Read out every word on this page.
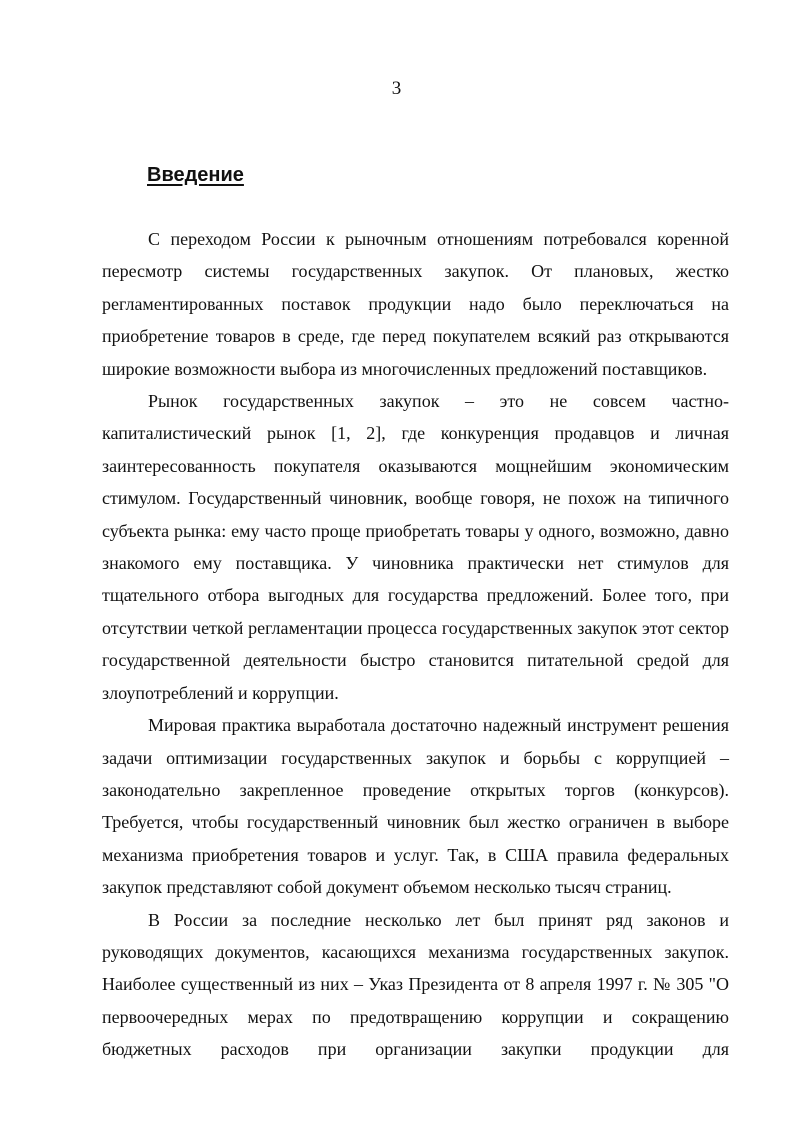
3
Введение

С переходом России к рыночным отношениям потребовался коренной пересмотр системы государственных закупок. От плановых, жестко регламентированных поставок продукции надо было переключаться на приобретение товаров в среде, где перед покупателем всякий раз открываются широкие возможности выбора из многочисленных предложений поставщиков.

Рынок государственных закупок – это не совсем частно-капиталистический рынок [1, 2], где конкуренция продавцов и личная заинтересованность покупателя оказываются мощнейшим экономическим стимулом. Государственный чиновник, вообще говоря, не похож на типичного субъекта рынка: ему часто проще приобретать товары у одного, возможно, давно знакомого ему поставщика. У чиновника практически нет стимулов для тщательного отбора выгодных для государства предложений. Более того, при отсутствии четкой регламентации процесса государственных закупок этот сектор государственной деятельности быстро становится питательной средой для злоупотреблений и коррупции.

Мировая практика выработала достаточно надежный инструмент решения задачи оптимизации государственных закупок и борьбы с коррупцией – законодательно закрепленное проведение открытых торгов (конкурсов). Требуется, чтобы государственный чиновник был жестко ограничен в выборе механизма приобретения товаров и услуг. Так, в США правила федеральных закупок представляют собой документ объемом несколько тысяч страниц.

В России за последние несколько лет был принят ряд законов и руководящих документов, касающихся механизма государственных закупок. Наиболее существенный из них – Указ Президента от 8 апреля 1997 г. № 305 "О первоочередных мерах по предотвращению коррупции и сокращению бюджетных расходов при организации закупки продукции для
